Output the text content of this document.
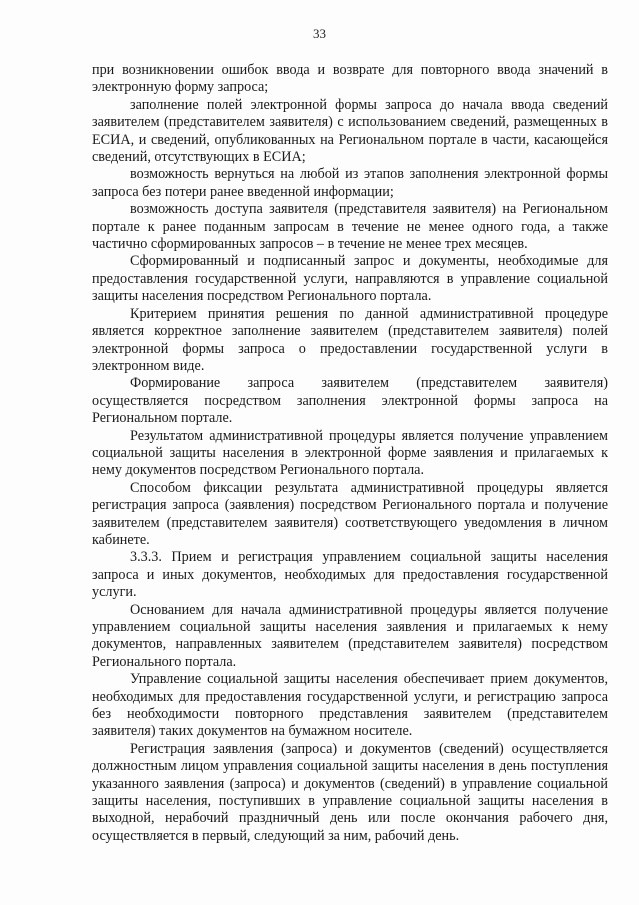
33

при возникновении ошибок ввода и возврате для повторного ввода значений в электронную форму запроса;

заполнение полей электронной формы запроса до начала ввода сведений заявителем (представителем заявителя) с использованием сведений, размещенных в ЕСИА, и сведений, опубликованных на Региональном портале в части, касающейся сведений, отсутствующих в ЕСИА;

возможность вернуться на любой из этапов заполнения электронной формы запроса без потери ранее введенной информации;

возможность доступа заявителя (представителя заявителя) на Региональном портале к ранее поданным запросам в течение не менее одного года, а также частично сформированных запросов – в течение не менее трех месяцев.

Сформированный и подписанный запрос и документы, необходимые для предоставления государственной услуги, направляются в управление социальной защиты населения посредством Регионального портала.

Критерием принятия решения по данной административной процедуре является корректное заполнение заявителем (представителем заявителя) полей электронной формы запроса о предоставлении государственной услуги в электронном виде.

Формирование запроса заявителем (представителем заявителя) осуществляется посредством заполнения электронной формы запроса на Региональном портале.

Результатом административной процедуры является получение управлением социальной защиты населения в электронной форме заявления и прилагаемых к нему документов посредством Регионального портала.

Способом фиксации результата административной процедуры является регистрация запроса (заявления) посредством Регионального портала и получение заявителем (представителем заявителя) соответствующего уведомления в личном кабинете.

3.3.3. Прием и регистрация управлением социальной защиты населения запроса и иных документов, необходимых для предоставления государственной услуги.

Основанием для начала административной процедуры является получение управлением социальной защиты населения заявления и прилагаемых к нему документов, направленных заявителем (представителем заявителя) посредством Регионального портала.

Управление социальной защиты населения обеспечивает прием документов, необходимых для предоставления государственной услуги, и регистрацию запроса без необходимости повторного представления заявителем (представителем заявителя) таких документов на бумажном носителе.

Регистрация заявления (запроса) и документов (сведений) осуществляется должностным лицом управления социальной защиты населения в день поступления указанного заявления (запроса) и документов (сведений) в управление социальной защиты населения, поступивших в управление социальной защиты населения в выходной, нерабочий праздничный день или после окончания рабочего дня, осуществляется в первый, следующий за ним, рабочий день.
